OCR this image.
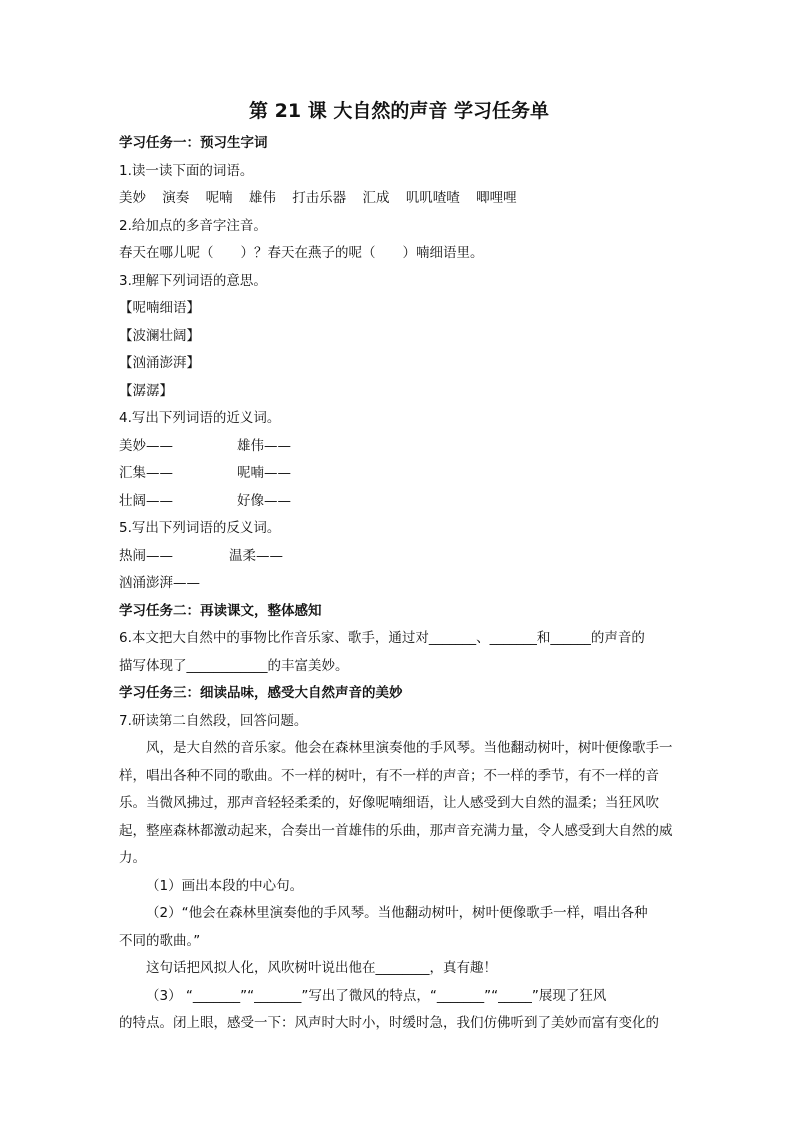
第 21 课 大自然的声音 学习任务单
学习任务一：预习生字词
1.读一读下面的词语。
美妙 演奏 呢喃 雄伟 打击乐器 汇成 叽叽喳喳 唧哩哩
2.给加点的多音字注音。
春天在哪儿呢（　　）？春天在燕子的呢（　　）喃细语里。
3.理解下列词语的意思。
【呢喃细语】
【波澜壮阔】
【汹涌澎湃】
【潺潺】
4.写出下列词语的近义词。
美妙——	雄伟——
汇集——	呢喃——
壮阔——	好像——
5.写出下列词语的反义词。
热闹——	温柔——
汹涌澎湃——
学习任务二：再读课文，整体感知
6.本文把大自然中的事物比作音乐家、歌手，通过对_______、_______和______的声音的
描写体现了____________的丰富美妙。
学习任务三：细读品味，感受大自然声音的美妙
7.研读第二自然段，回答问题。

风，是大自然的音乐家。他会在森林里演奏他的手风琴。当他翻动树叶，树叶便像歌手一样，唱出各种不同的歌曲。不一样的树叶，有不一样的声音；不一样的季节，有不一样的音乐。当微风拂过，那声音轻轻柔柔的，好像呢喃细语，让人感受到大自然的温柔；当狂风吹起，整座森林都激动起来，合奏出一首雄伟的乐曲，那声音充满力量，令人感受到大自然的威力。

（1）画出本段的中心句。
（2）“他会在森林里演奏他的手风琴。当他翻动树叶，树叶便像歌手一样，唱出各种
不同的歌曲。”
这句话把风拟人化，风吹树叶说出他在________，真有趣！
（3） “_______”“_______”写出了微风的特点，“_______”“_____”展现了狂风
的特点。闭上眼，感受一下：风声时大时小，时缓时急，我们仿佛听到了美妙而富有变化的
